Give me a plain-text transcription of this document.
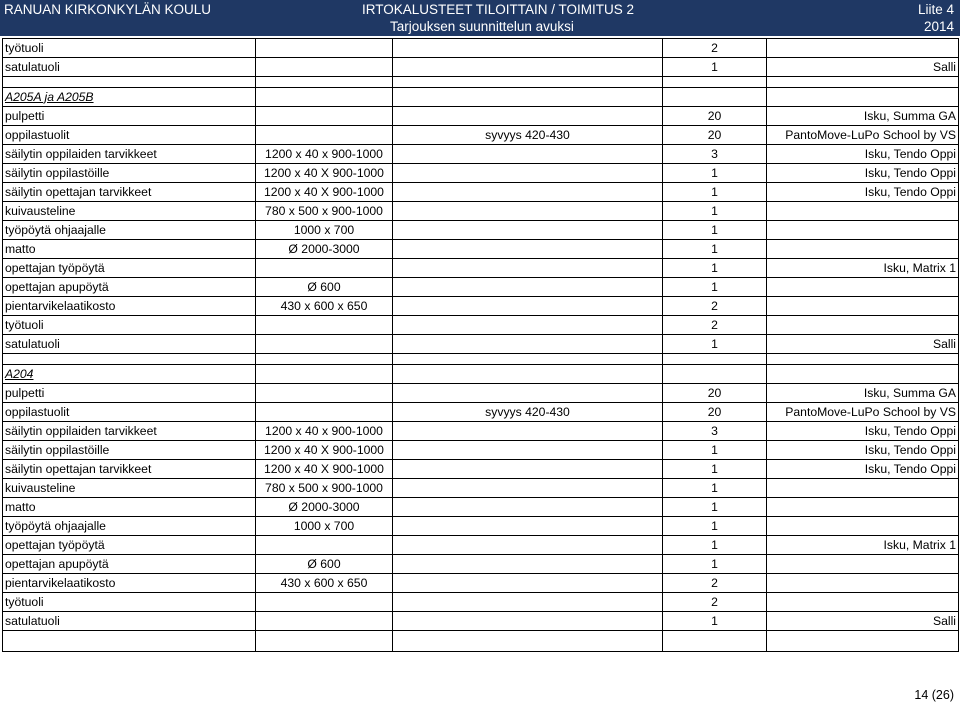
RANUAN KIRKONKYLÄN KOULU	IRTOKALUSTEET TILOITTAIN / TOIMITUS 2
Tarjouksen suunnittelun avuksi
Liite 4
2014
työtuoli			2	
satulatuoli			1	Salli

A205A ja A205B				
pulpetti			20	Isku, Summa GA
oppilastuolit		syvyys 420-430	20	PantoMove-LuPo School by VS
säilytin oppilaiden tarvikkeet	1200 x 40 x 900-1000		3	Isku, Tendo Oppi
säilytin oppilastöille	1200 x 40 X 900-1000		1	Isku, Tendo Oppi
säilytin opettajan tarvikkeet	1200 x 40 X 900-1000		1	Isku, Tendo Oppi
kuivausteline	780 x 500 x 900-1000		1	
työpöytä ohjaajalle	1000 x 700		1	
matto	Ø 2000-3000		1	
opettajan työpöytä			1	Isku, Matrix 1
opettajan apupöytä	Ø 600		1	
pientarvikelaatikosto	430 x 600 x 650		2	
työtuoli			2	
satulatuoli			1	Salli

A204				
pulpetti			20	Isku, Summa GA
oppilastuolit		syvyys 420-430	20	PantoMove-LuPo School by VS
säilytin oppilaiden tarvikkeet	1200 x 40 x 900-1000		3	Isku, Tendo Oppi
säilytin oppilastöille	1200 x 40 X 900-1000		1	Isku, Tendo Oppi
säilytin opettajan tarvikkeet	1200 x 40 X 900-1000		1	Isku, Tendo Oppi
kuivausteline	780 x 500 x 900-1000		1	
matto	Ø 2000-3000		1	
työpöytä ohjaajalle	1000 x 700		1	
opettajan työpöytä			1	Isku, Matrix 1
opettajan apupöytä	Ø 600		1	
pientarvikelaatikosto	430 x 600 x 650		2	
työtuoli			2	
satulatuoli			1	Salli

14 (26)
